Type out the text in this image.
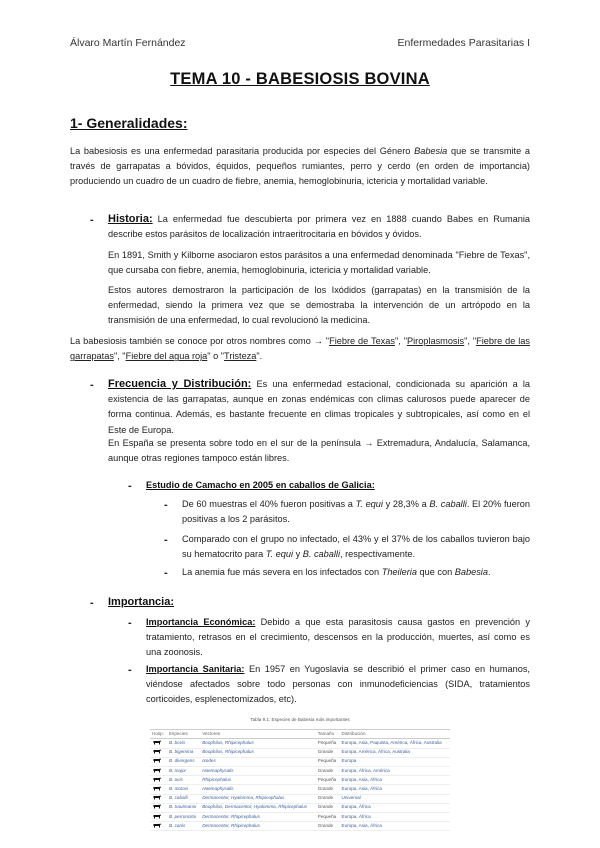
Álvaro Martín Fernández	Enfermedades Parasitarias I
TEMA 10 - BABESIOSIS BOVINA
1- Generalidades:

La babesiosis es una enfermedad parasitaria producida por especies del Género Babesia que se transmite a través de garrapatas a bóvidos, équidos, pequeños rumiantes, perro y cerdo (en orden de importancia) produciendo un cuadro de un cuadro de fiebre, anemia, hemoglobinuria, ictericia y mortalidad variable.

- Historia: La enfermedad fue descubierta por primera vez en 1888 cuando Babes en Rumania describe estos parásitos de localización intraeritrocitaria en bóvidos y óvidos.

En 1891, Smith y Kilborne asociaron estos parásitos a una enfermedad denominada "Fiebre de Texas", que cursaba con fiebre, anemia, hemoglobinuria, ictericia y mortalidad variable.

Estos autores demostraron la participación de los Ixódidos (garrapatas) en la transmisión de la enfermedad, siendo la primera vez que se demostraba la intervención de un artrópodo en la transmisión de una enfermedad, lo cual revolucionó la medicina.

La babesiosis también se conoce por otros nombres como → "Fiebre de Texas", "Piroplasmosis", "Fiebre de las garrapatas", "Fiebre del agua roja" o "Tristeza".

- Frecuencia y Distribución: Es una enfermedad estacional, condicionada su aparición a la existencia de las garrapatas, aunque en zonas endémicas con climas calurosos puede aparecer de forma continua. Además, es bastante frecuente en climas tropicales y subtropicales, así como en el Este de Europa.

En España se presenta sobre todo en el sur de la península → Extremadura, Andalucía, Salamanca, aunque otras regiones tampoco están libres.

- Estudio de Camacho en 2005 en caballos de Galicia:

- De 60 muestras el 40% fueron positivas a T. equi y 28,3% a B. caballi. El 20% fueron positivas a los 2 parásitos.

- Comparado con el grupo no infectado, el 43% y el 37% de los caballos tuvieron bajo su hematocrito para T. equi y B. caballi, respectivamente.

- La anemia fue más severa en los infectados con Theileria que con Babesia.

- Importancia:

- Importancia Económica: Debido a que esta parasitosis causa gastos en prevención y tratamiento, retrasos en el crecimiento, descensos en la producción, muertes, así como es una zoonosis.

- Importancia Sanitaria: En 1957 en Yugoslavia se describió el primer caso en humanos, viéndose afectados sobre todo personas con inmunodeficiencias (SIDA, tratamientos corticoides, esplenectomizados, etc).

Tabla 9.1: Especies de Babesia más importantes
Hosp.	Especies	Vectores	Tamaño	Distribución
	B. bovis	Boophilus, Rhipicephalus	Pequeña	Europa, Asia, Paquista, América, África, Australia
	B. bigemina	Boophilus, Rhipicephalus	Grande	Europa, América, África, Australia
	B. divergens	Ixodes	Pequeña	Europa
	B. major	Haemaphysalis	Grande	Europa, África, América
	B. ovis	Rhipicephalus	Pequeña	Europa, Asia, África
	B. motasi	Haemaphysalis	Grande	Europa, Asia, África
	B. caballi	Dermacentor, Hyalomma, Rhipicephalus	Grande	Universal
	B. trautmanni	Boophilus, Dermacentor, Hyalomma, Rhipicephalus	Grande	Europa, África
	B. perroncitoi	Dermacentor, Rhipicephalus	Pequeña	Europa, África
	B. canis	Dermacentor, Rhipicephalus	Grande	Europa, Asia, África
